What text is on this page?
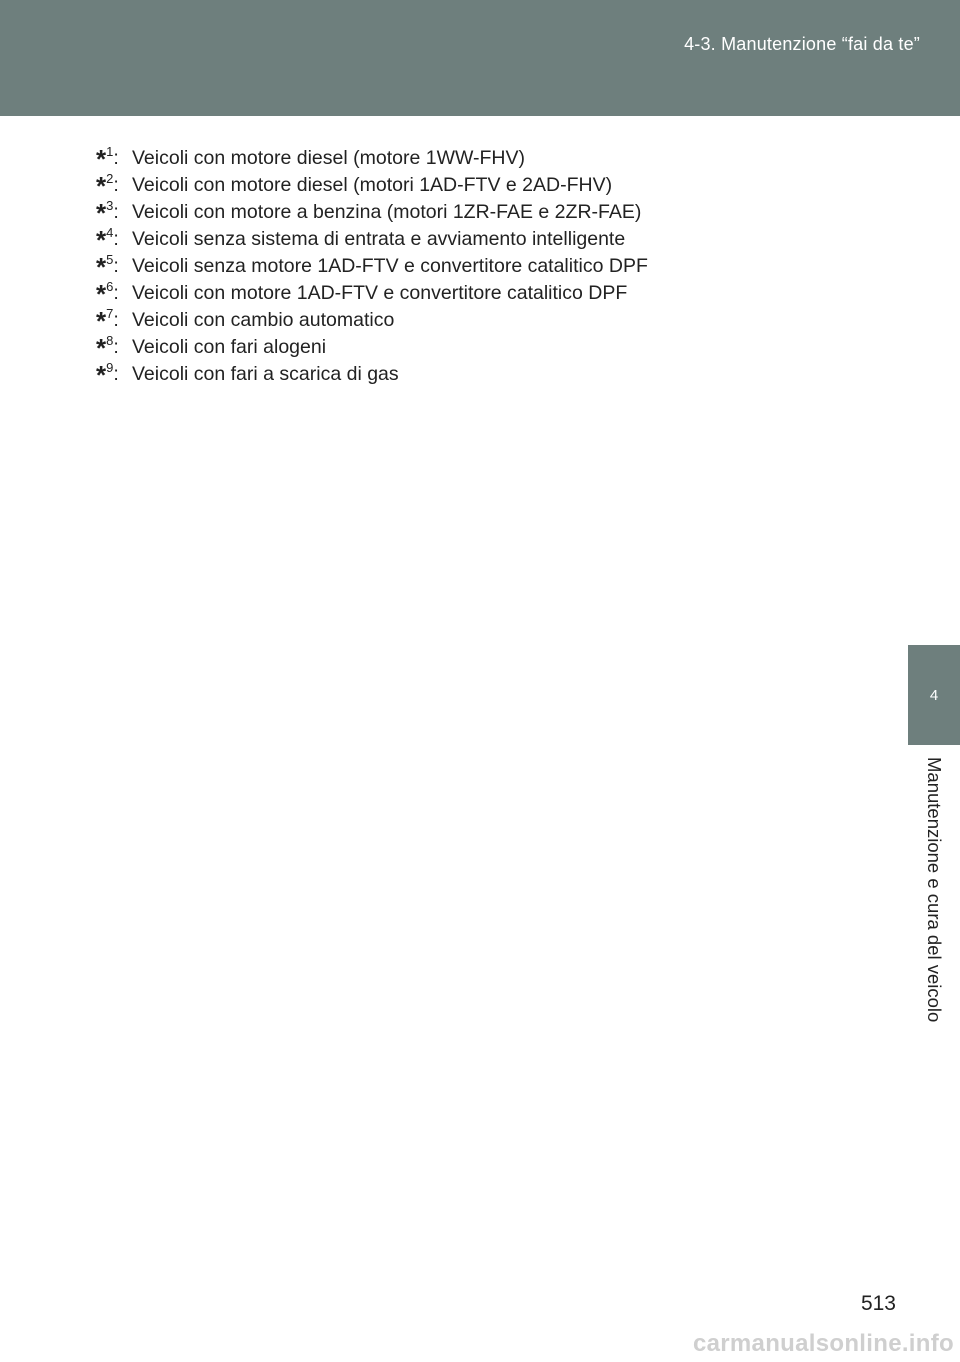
4-3. Manutenzione “fai da te”
*$^1$: Veicoli con motore diesel (motore 1WW-FHV)
*$^2$: Veicoli con motore diesel (motori 1AD-FTV e 2AD-FHV)
*$^3$: Veicoli con motore a benzina (motori 1ZR-FAE e 2ZR-FAE)
*$^4$: Veicoli senza sistema di entrata e avviamento intelligente
*$^5$: Veicoli senza motore 1AD-FTV e convertitore catalitico DPF
*$^6$: Veicoli con motore 1AD-FTV e convertitore catalitico DPF
*$^7$: Veicoli con cambio automatico
*$^8$: Veicoli con fari alogeni
*$^9$: Veicoli con fari a scarica di gas
4
Manutenzione e cura del veicolo
513
carmanualsonline.info
